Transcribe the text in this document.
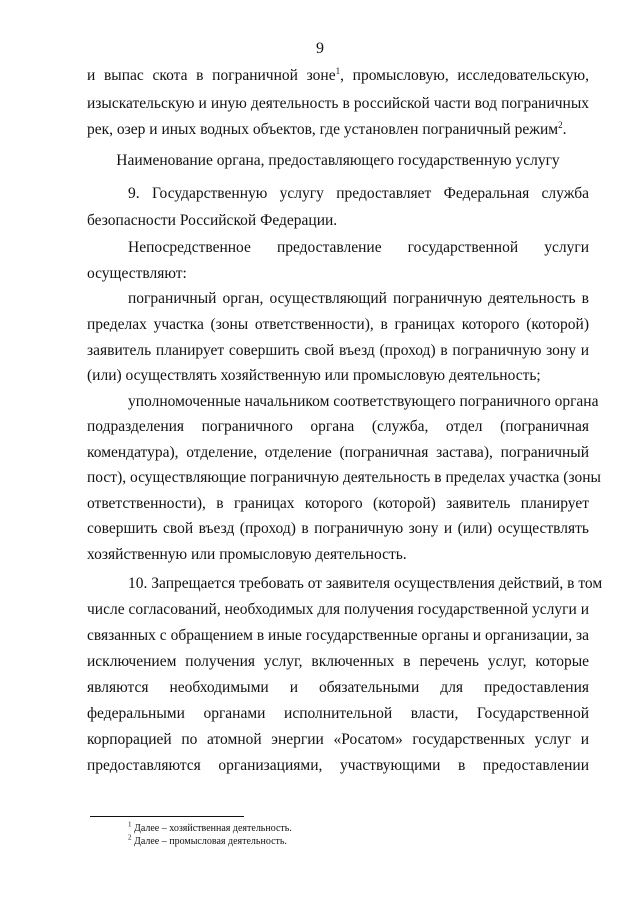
9
и выпас скота в пограничной зоне$^1$, промысловую, исследовательскую,
изыскательскую и иную деятельность в российской части вод пограничных
рек, озер и иных водных объектов, где установлен пограничный режим$^2$.
Наименование органа, предоставляющего государственную услугу
9. Государственную услугу предоставляет Федеральная служба
безопасности Российской Федерации.
Непосредственное предоставление государственной услуги
осуществляют:
пограничный орган, осуществляющий пограничную деятельность в
пределах участка (зоны ответственности), в границах которого (которой)
заявитель планирует совершить свой въезд (проход) в пограничную зону и
(или) осуществлять хозяйственную или промысловую деятельность;
уполномоченные начальником соответствующего пограничного органа
подразделения пограничного органа (служба, отдел (пограничная
комендатура), отделение, отделение (пограничная застава), пограничный
пост), осуществляющие пограничную деятельность в пределах участка (зоны
ответственности), в границах которого (которой) заявитель планирует
совершить свой въезд (проход) в пограничную зону и (или) осуществлять
хозяйственную или промысловую деятельность.
10. Запрещается требовать от заявителя осуществления действий, в том
числе согласований, необходимых для получения государственной услуги и
связанных с обращением в иные государственные органы и организации, за
исключением получения услуг, включенных в перечень услуг, которые
являются необходимыми и обязательными для предоставления
федеральными органами исполнительной власти, Государственной
корпорацией по атомной энергии «Росатом» государственных услуг и
предоставляются организациями, участвующими в предоставлении
$^1$ Далее – хозяйственная деятельность.
$^2$ Далее – промысловая деятельность.
